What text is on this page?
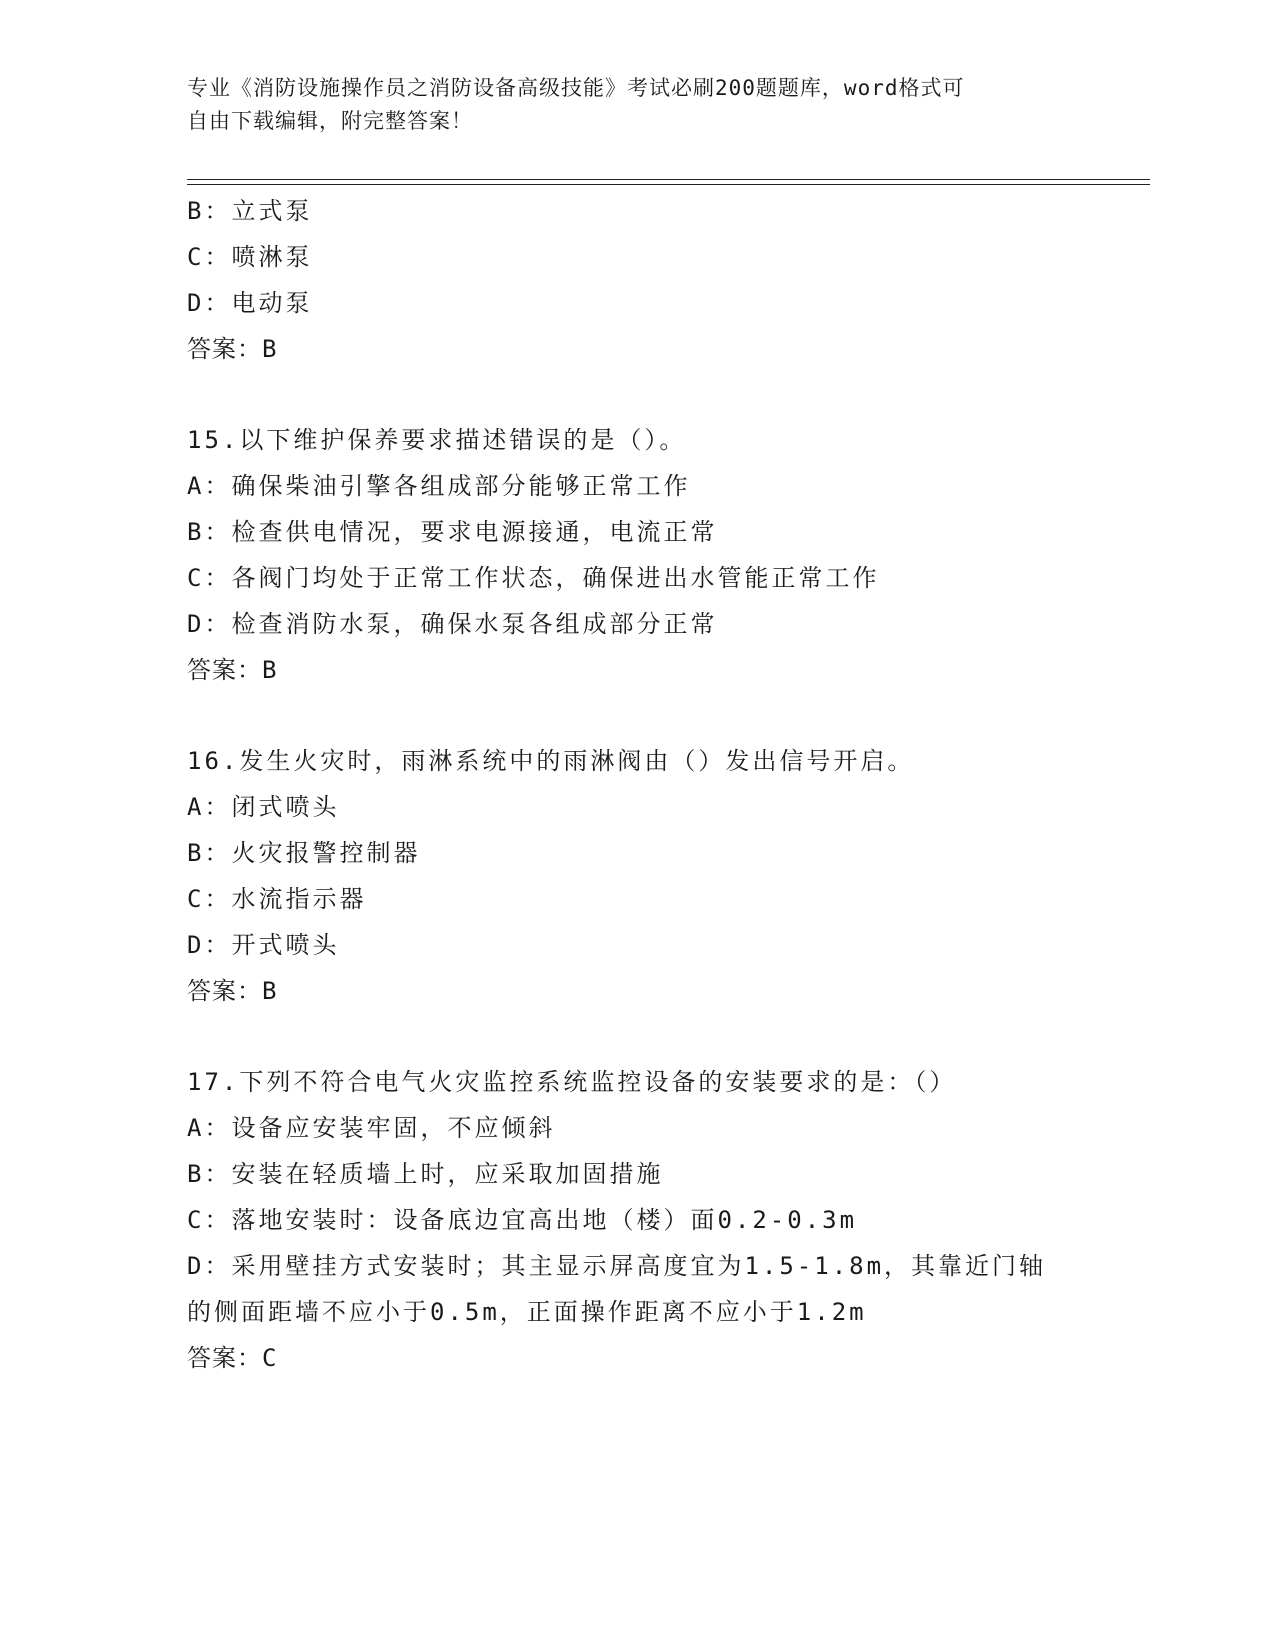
专业《消防设施操作员之消防设备高级技能》考试必刷200题题库，word格式可
自由下载编辑，附完整答案！
B：立式泵
C：喷淋泵
D：电动泵
答案：B
15.以下维护保养要求描述错误的是（）。
A：确保柴油引擎各组成部分能够正常工作
B：检查供电情况，要求电源接通，电流正常
C：各阀门均处于正常工作状态，确保进出水管能正常工作
D：检查消防水泵，确保水泵各组成部分正常
答案：B
16.发生火灾时，雨淋系统中的雨淋阀由（）发出信号开启。
A：闭式喷头
B：火灾报警控制器
C：水流指示器
D：开式喷头
答案：B
17.下列不符合电气火灾监控系统监控设备的安装要求的是：（）
A：设备应安装牢固，不应倾斜
B：安装在轻质墙上时，应采取加固措施
C：落地安装时：设备底边宜高出地（楼）面0.2-0.3m
D：采用壁挂方式安装时；其主显示屏高度宜为1.5-1.8m，其靠近门轴
的侧面距墙不应小于0.5m，正面操作距离不应小于1.2m
答案：C
